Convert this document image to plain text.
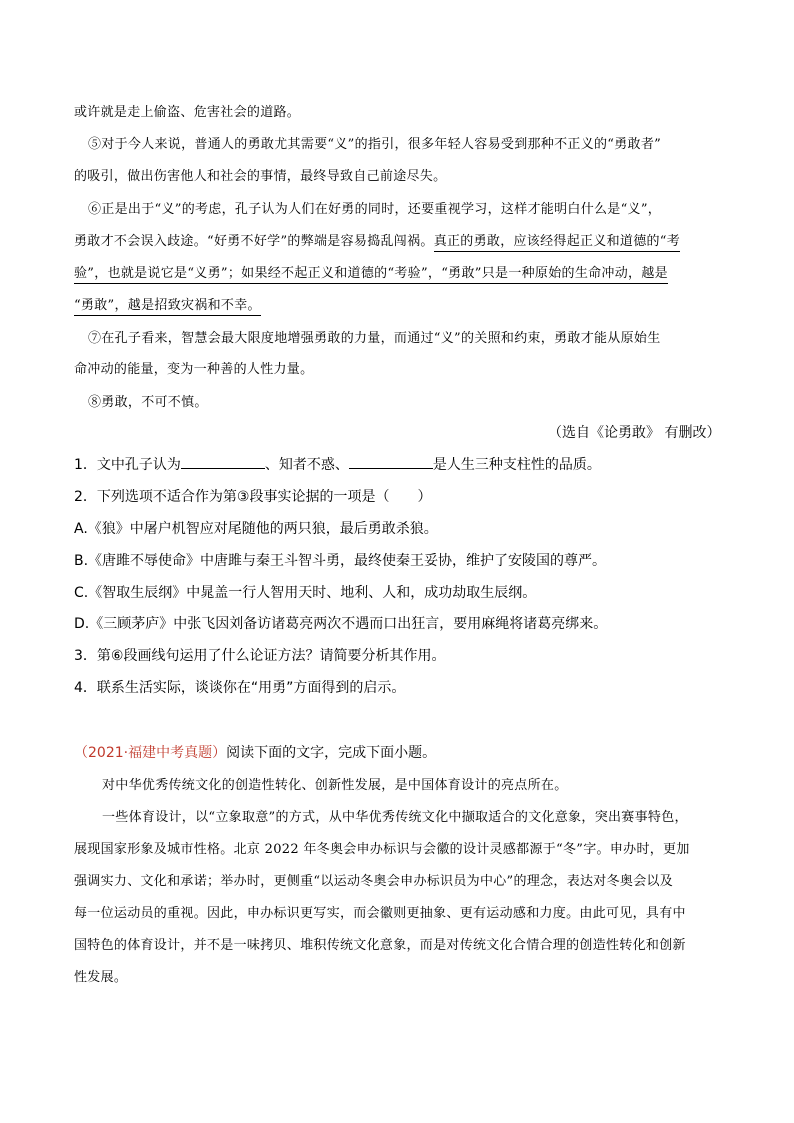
或许就是走上偷盗、危害社会的道路。

⑤对于今人来说，普通人的勇敢尤其需要“义”的指引，很多年轻人容易受到那种不正义的“勇敢者”

的吸引，做出伤害他人和社会的事情，最终导致自己前途尽失。

⑥正是出于“义”的考虑，孔子认为人们在好勇的同时，还要重视学习，这样才能明白什么是“义”，

勇敢才不会误入歧途。“好勇不好学”的弊端是容易捣乱闯祸。真正的勇敢，应该经得起正义和道德的“考

验”，也就是说它是“义勇”；如果经不起正义和道德的“考验”，“勇敢”只是一种原始的生命冲动，越是

“勇敢”，越是招致灾祸和不幸。

⑦在孔子看来，智慧会最大限度地增强勇敢的力量，而通过“义”的关照和约束，勇敢才能从原始生

命冲动的能量，变为一种善的人性力量。

⑧勇敢，不可不慎。

（选自《论勇敢》 有删改）

1．文中孔子认为	、知者不惑、	是人生三种支柱性的品质。

2．下列选项不适合作为第③段事实论据的一项是（　　）

A.《狼》中屠户机智应对尾随他的两只狼，最后勇敢杀狼。

B.《唐雎不辱使命》中唐雎与秦王斗智斗勇，最终使秦王妥协，维护了安陵国的尊严。

C.《智取生辰纲》中晁盖一行人智用天时、地利、人和，成功劫取生辰纲。

D.《三顾茅庐》中张飞因刘备访诸葛亮两次不遇而口出狂言，要用麻绳将诸葛亮绑来。

3．第⑥段画线句运用了什么论证方法？请简要分析其作用。

4．联系生活实际，谈谈你在“用勇”方面得到的启示。

（2021·福建中考真题）阅读下面的文字，完成下面小题。

对中华优秀传统文化的创造性转化、创新性发展，是中国体育设计的亮点所在。

一些体育设计，以“立象取意”的方式，从中华优秀传统文化中撷取适合的文化意象，突出赛事特色，

展现国家形象及城市性格。北京 2022 年冬奥会申办标识与会徽的设计灵感都源于“冬”字。申办时，更加

强调实力、文化和承诺；举办时，更侧重“以运动冬奥会申办标识员为中心”的理念，表达对冬奥会以及

每一位运动员的重视。因此，申办标识更写实，而会徽则更抽象、更有运动感和力度。由此可见，具有中

国特色的体育设计，并不是一味拷贝、堆积传统文化意象，而是对传统文化合情合理的创造性转化和创新

性发展。
